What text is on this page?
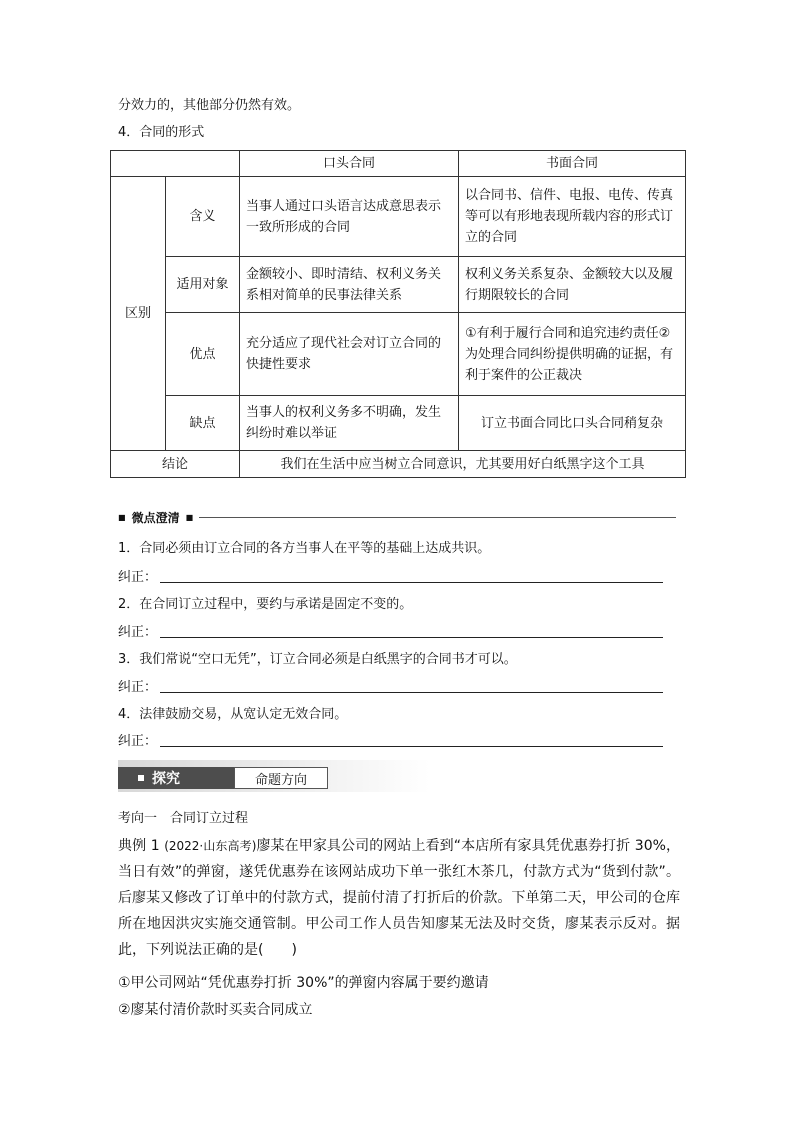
分效力的，其他部分仍然有效。
4．合同的形式
		口头合同	书面合同
区别	含义	当事人通过口头语言达成意思表示一致所形成的合同	以合同书、信件、电报、电传、传真等可以有形地表现所载内容的形式订立的合同
	适用对象	金额较小、即时清结、权利义务关系相对简单的民事法律关系	权利义务关系复杂、金额较大以及履行期限较长的合同
	优点	充分适应了现代社会对订立合同的快捷性要求	①有利于履行合同和追究违约责任②为处理合同纠纷提供明确的证据，有利于案件的公正裁决
	缺点	当事人的权利义务多不明确，发生纠纷时难以举证	订立书面合同比口头合同稍复杂
结论		我们在生活中应当树立合同意识，尤其要用好白纸黑字这个工具	
■ 微点澄清 ■
1．合同必须由订立合同的各方当事人在平等的基础上达成共识。
纠正：
2．在合同订立过程中，要约与承诺是固定不变的。
纠正：
3．我们常说“空口无凭”，订立合同必须是白纸黑字的合同书才可以。
纠正：
4．法律鼓励交易，从宽认定无效合同。
纠正：
探究	命题方向
考向一　合同订立过程
典例 1 (2022·山东高考)廖某在甲家具公司的网站上看到“本店所有家具凭优惠券打折 30%，当日有效”的弹窗，遂凭优惠券在该网站成功下单一张红木茶几，付款方式为“货到付款”。后廖某又修改了订单中的付款方式，提前付清了打折后的价款。下单第二天，甲公司的仓库所在地因洪灾实施交通管制。甲公司工作人员告知廖某无法及时交货，廖某表示反对。据此，下列说法正确的是(　　)
①甲公司网站“凭优惠券打折 30%”的弹窗内容属于要约邀请
②廖某付清价款时买卖合同成立
